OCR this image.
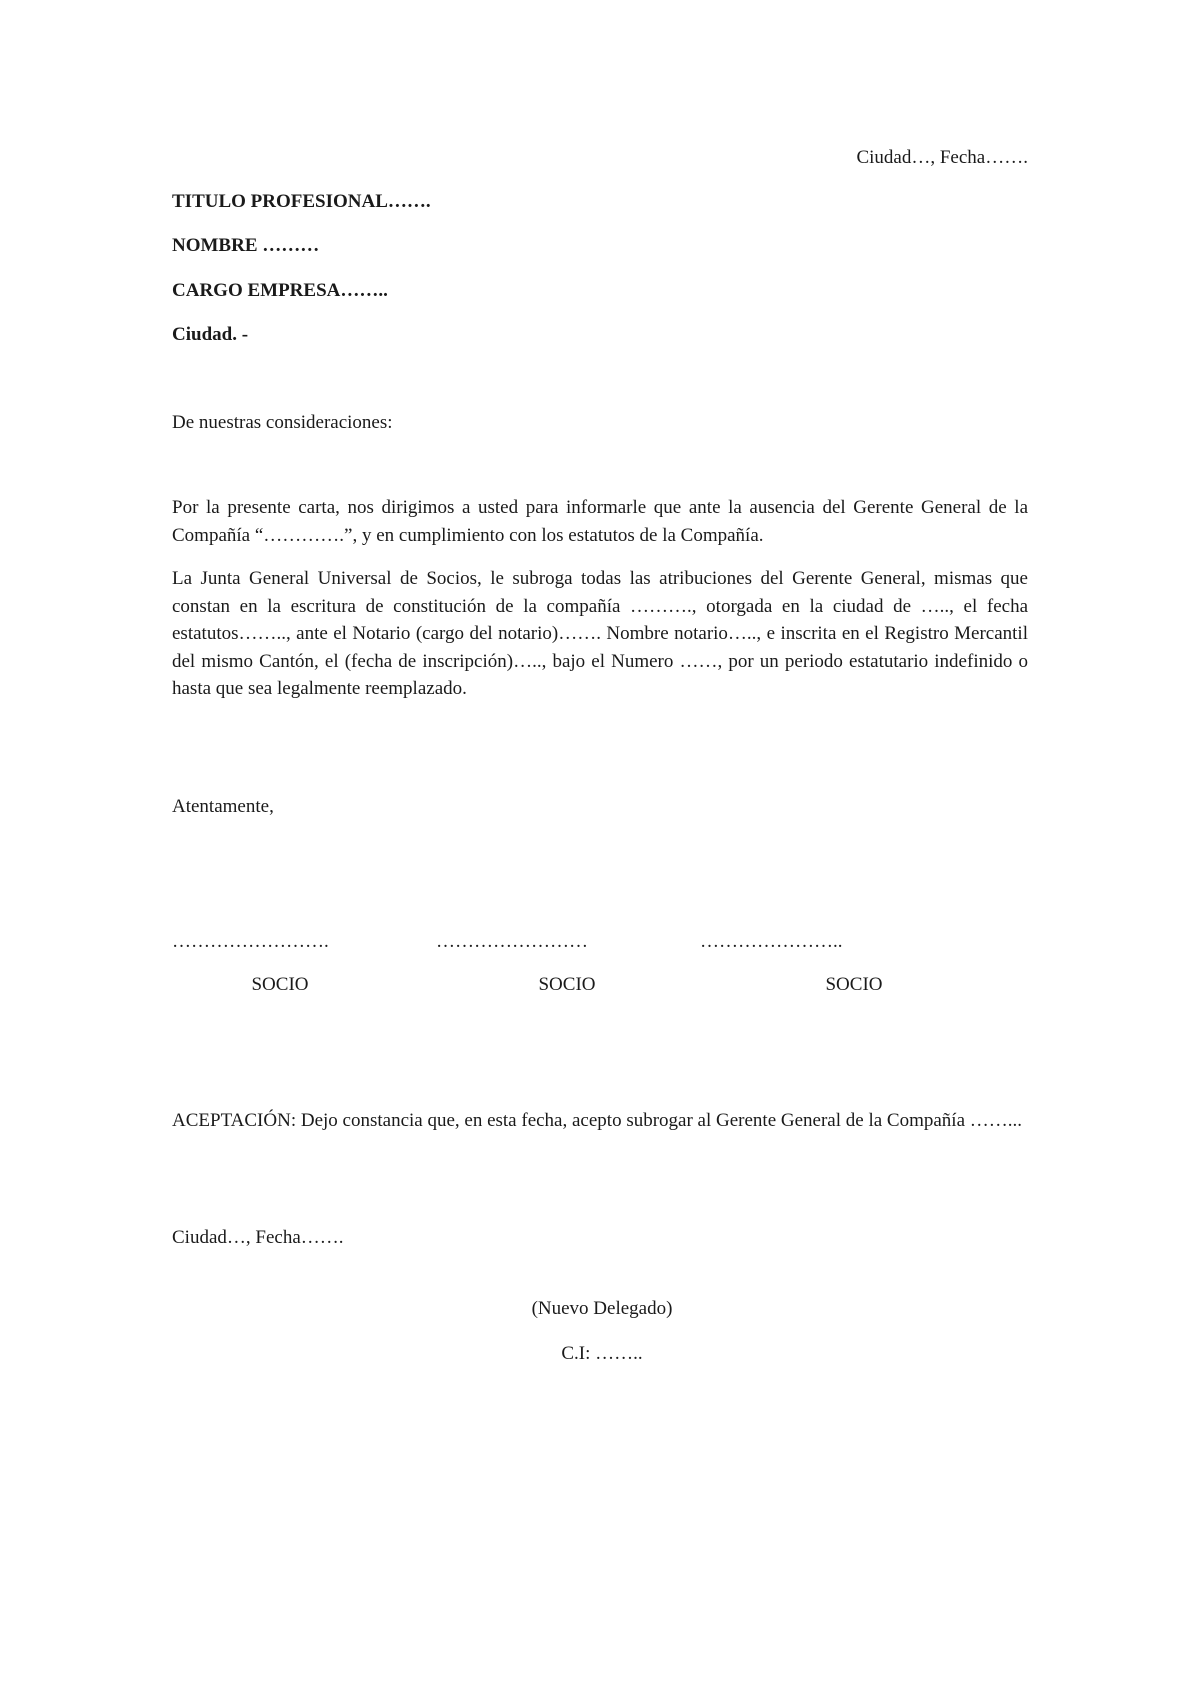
Ciudad…, Fecha…….
TITULO PROFESIONAL…….
NOMBRE ………
CARGO EMPRESA……..
Ciudad. -
De nuestras consideraciones:
Por la presente carta, nos dirigimos a usted para informarle que ante la ausencia del Gerente General de la Compañía “………….”, y en cumplimiento con los estatutos de la Compañía.
La Junta General Universal de Socios, le subroga todas las atribuciones del Gerente General, mismas que constan en la escritura de constitución de la compañía ………., otorgada en la ciudad de ….., el fecha estatutos…….., ante el Notario (cargo del notario)……. Nombre notario….., e inscrita en el Registro Mercantil del mismo Cantón, el (fecha de inscripción)….., bajo el Numero ……, por un periodo estatutario indefinido o hasta que sea legalmente reemplazado.
Atentamente,
…………………….	……………………	…………………..
SOCIO	SOCIO	SOCIO
ACEPTACIÓN: Dejo constancia que, en esta fecha, acepto subrogar al Gerente General de la Compañía ……...
Ciudad…, Fecha…….
(Nuevo Delegado)
C.I: ……..
